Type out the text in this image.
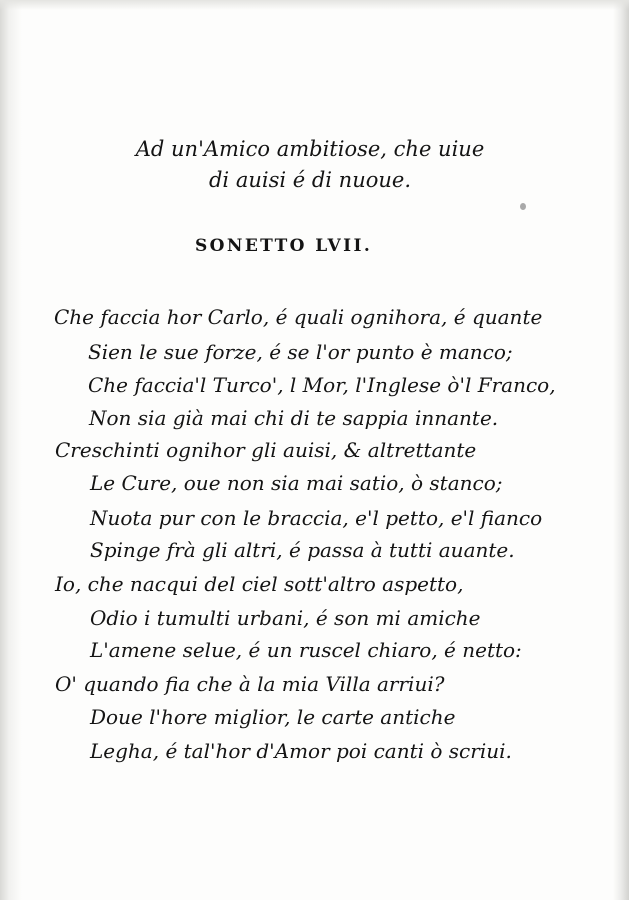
Ad un'Amico ambitiose, che uiue
di auisi é di nuoue.
SONETTO LVII.
Che faccia hor Carlo, é quali ognihora, é quante
Sien le sue forze, é se l'or punto è manco;
Che faccia'l Turco', l Mor, l'Inglese ò'l Franco,
Non sia già mai chi di te sappia innante.
Creschinti ognihor gli auisi, & altrettante
Le Cure, oue non sia mai satio, ò stanco;
Nuota pur con le braccia, e'l petto, e'l fianco
Spinge frà gli altri, é passa à tutti auante.
Io, che nacqui del ciel sott'altro aspetto,
Odio i tumulti urbani, é son mi amiche
L'amene selue, é un ruscel chiaro, é netto:
O' quando fia che à la mia Villa arriui?
Doue l'hore miglior, le carte antiche
Legha, é tal'hor d'Amor poi canti ò scriui.
